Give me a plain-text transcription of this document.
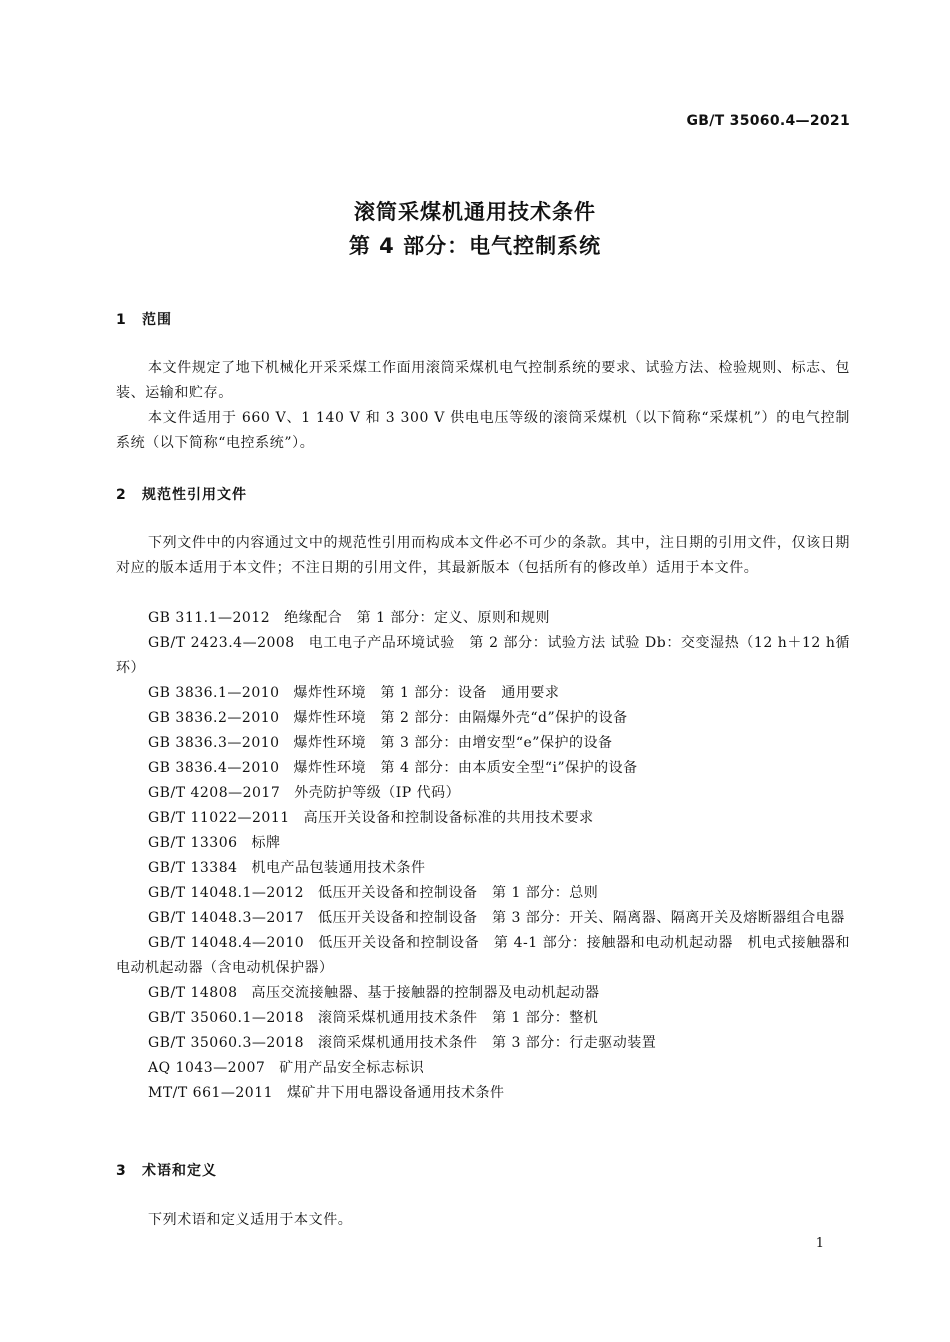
GB/T 35060.4—2021
滚筒采煤机通用技术条件
第 4 部分：电气控制系统
1 范围
本文件规定了地下机械化开采采煤工作面用滚筒采煤机电气控制系统的要求、试验方法、检验规则、标志、包装、运输和贮存。
本文件适用于 660 V、1 140 V 和 3 300 V 供电电压等级的滚筒采煤机（以下简称“采煤机”）的电气控制系统（以下简称“电控系统”）。
2 规范性引用文件
下列文件中的内容通过文中的规范性引用而构成本文件必不可少的条款。其中，注日期的引用文件，仅该日期对应的版本适用于本文件；不注日期的引用文件，其最新版本（包括所有的修改单）适用于本文件。
GB 311.1—2012 绝缘配合　第 1 部分：定义、原则和规则
GB/T 2423.4—2008 电工电子产品环境试验　第 2 部分：试验方法 试验 Db：交变湿热（12 h＋12 h循环）
GB 3836.1—2010 爆炸性环境　第 1 部分：设备　通用要求
GB 3836.2—2010 爆炸性环境　第 2 部分：由隔爆外壳“d”保护的设备
GB 3836.3—2010 爆炸性环境　第 3 部分：由增安型“e”保护的设备
GB 3836.4—2010 爆炸性环境　第 4 部分：由本质安全型“i”保护的设备
GB/T 4208—2017 外壳防护等级（IP 代码）
GB/T 11022—2011 高压开关设备和控制设备标准的共用技术要求
GB/T 13306 标牌
GB/T 13384 机电产品包装通用技术条件
GB/T 14048.1—2012 低压开关设备和控制设备　第 1 部分：总则
GB/T 14048.3—2017 低压开关设备和控制设备　第 3 部分：开关、隔离器、隔离开关及熔断器组合电器
GB/T 14048.4—2010 低压开关设备和控制设备　第 4-1 部分：接触器和电动机起动器　机电式接触器和电动机起动器（含电动机保护器）
GB/T 14808 高压交流接触器、基于接触器的控制器及电动机起动器
GB/T 35060.1—2018 滚筒采煤机通用技术条件　第 1 部分：整机
GB/T 35060.3—2018 滚筒采煤机通用技术条件　第 3 部分：行走驱动装置
AQ 1043—2007 矿用产品安全标志标识
MT/T 661—2011 煤矿井下用电器设备通用技术条件
3 术语和定义
下列术语和定义适用于本文件。
1
